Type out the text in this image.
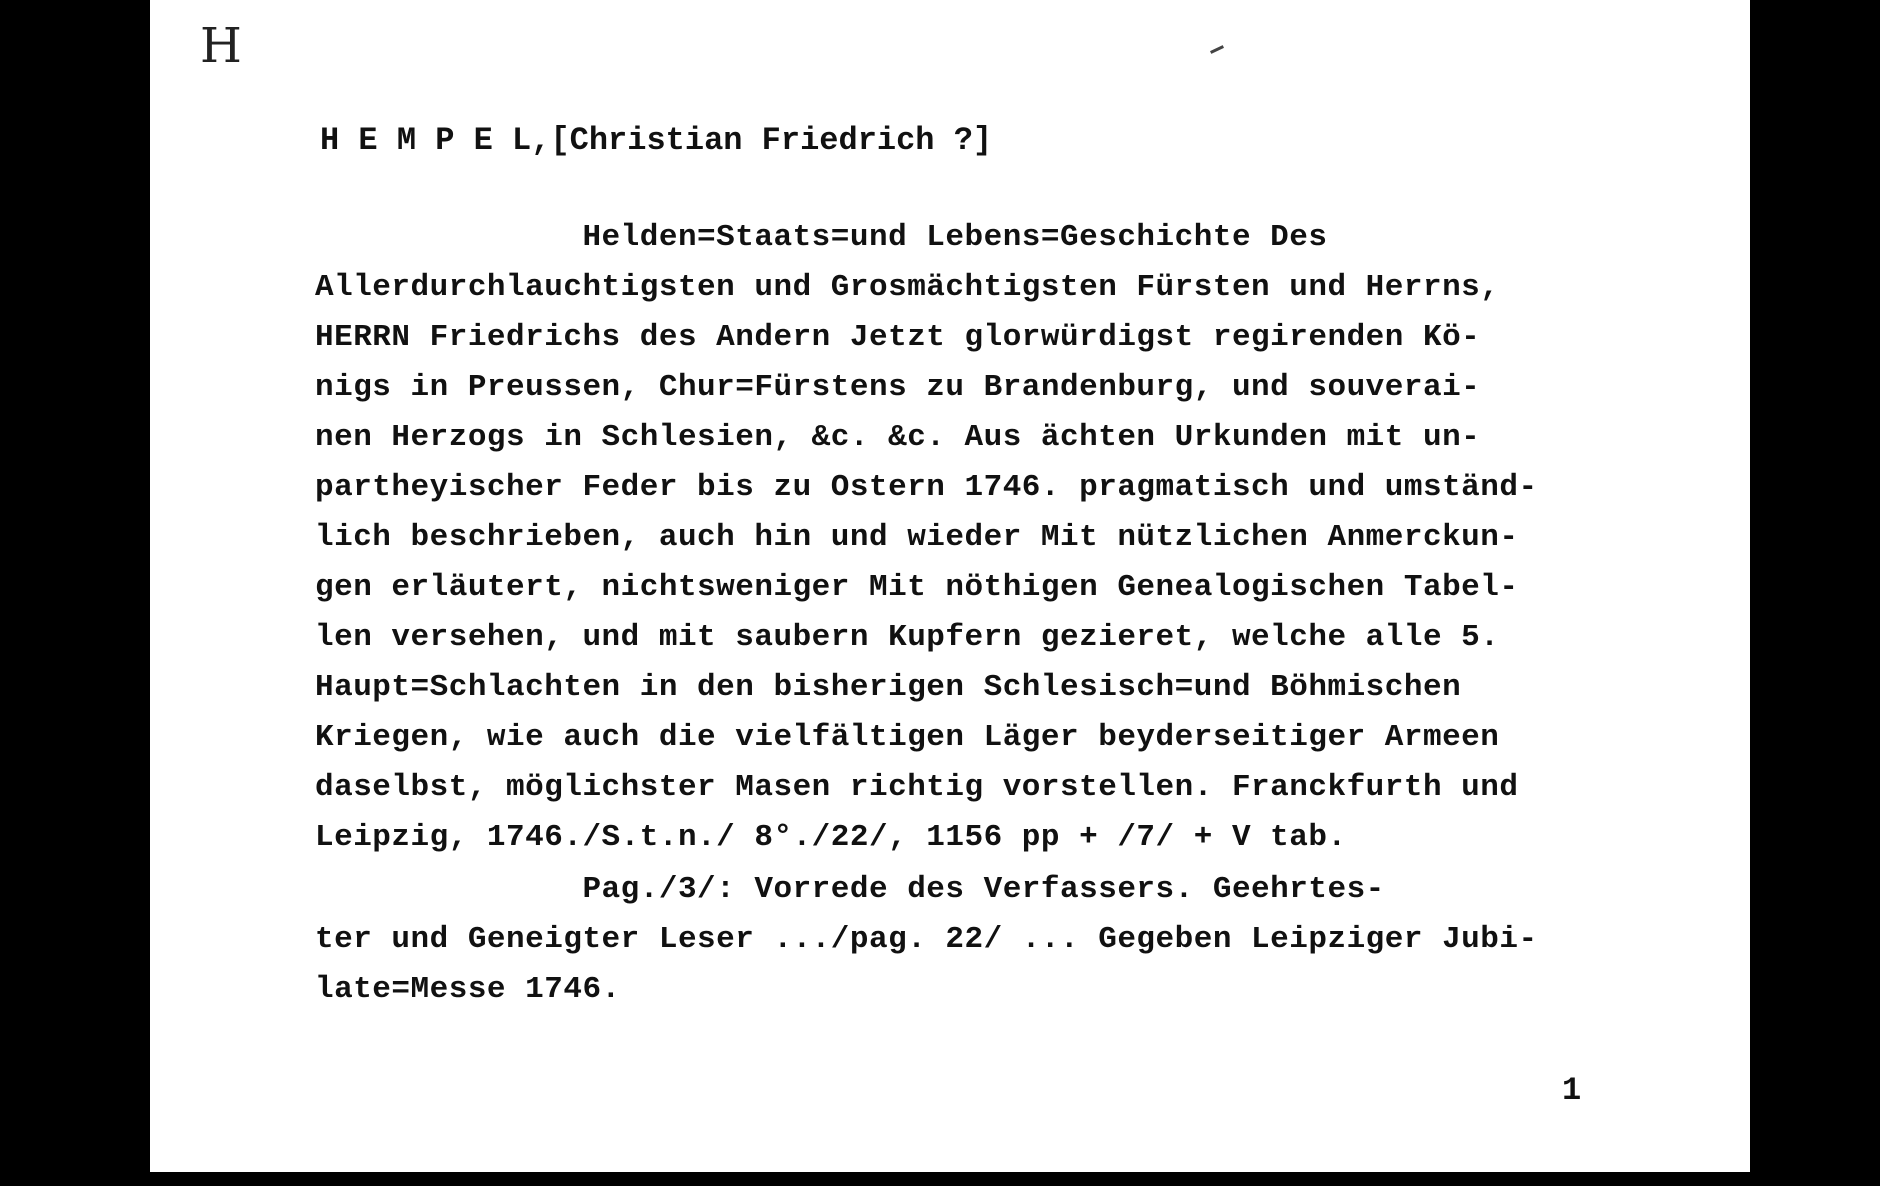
H
H E M P E L,[Christian Friedrich ?]
Helden=Staats=und Lebens=Geschichte Des
Allerdurchlauchtigsten und Grosmächtigsten Fürsten und Herrns,
HERRN Friedrichs des Andern Jetzt glorwürdigst regirenden Kö-
nigs in Preussen, Chur=Fürstens zu Brandenburg, und souverai-
nen Herzogs in Schlesien, &c. &c. Aus ächten Urkunden mit un-
partheyischer Feder bis zu Ostern 1746. pragmatisch und umständ-
lich beschrieben, auch hin und wieder Mit nützlichen Anmerckun-
gen erläutert, nichtsweniger Mit nöthigen Genealogischen Tabel-
len versehen, und mit saubern Kupfern gezieret, welche alle 5.
Haupt=Schlachten in den bisherigen Schlesisch=und Böhmischen
Kriegen, wie auch die vielfältigen Läger beyderseitiger Armeen
daselbst, möglichster Masen richtig vorstellen. Franckfurth und
Leipzig, 1746./S.t.n./ 8°./22/, 1156 pp + /7/ + V tab.
Pag./3/: Vorrede des Verfassers. Geehrtes-
ter und Geneigter Leser .../pag. 22/ ... Gegeben Leipziger Jubi-
late=Messe 1746.
1
